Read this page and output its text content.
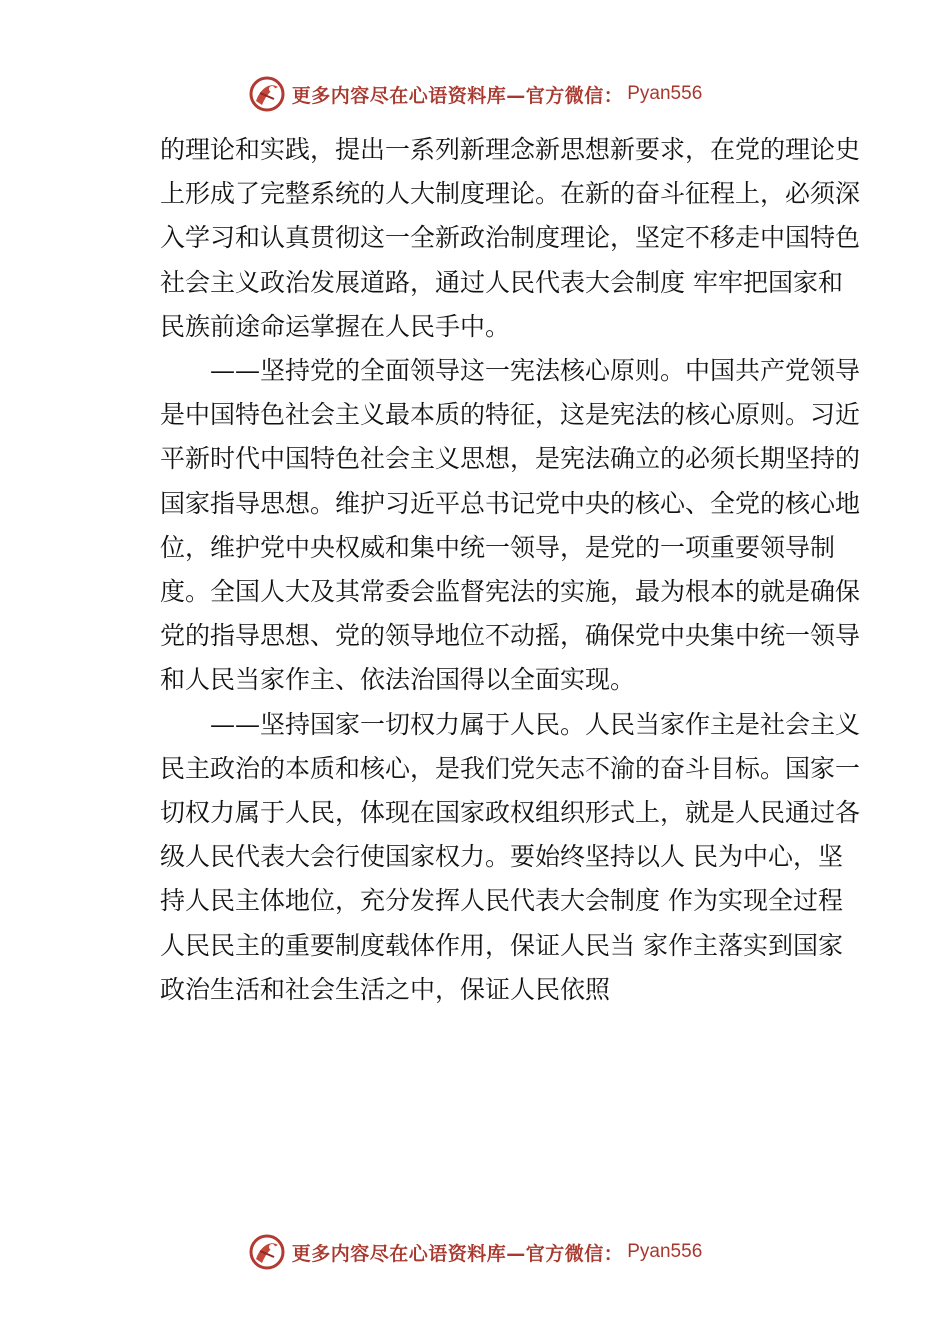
更多内容尽在心语资料库—官方微信： Pyan556

的理论和实践，提出一系列新理念新思想新要求，在党的理论史上形成了完整系统的人大制度理论。在新的奋斗征程上，必须深入学习和认真贯彻这一全新政治制度理论，坚定不移走中国特色社会主义政治发展道路，通过人民代表大会制度 牢牢把国家和民族前途命运掌握在人民手中。

——坚持党的全面领导这一宪法核心原则。中国共产党领导是中国特色社会主义最本质的特征，这是宪法的核心原则。习近平新时代中国特色社会主义思想，是宪法确立的必须长期坚持的国家指导思想。维护习近平总书记党中央的核心、全党的核心地位，维护党中央权威和集中统一领导，是党的一项重要领导制度。全国人大及其常委会监督宪法的实施，最为根本的就是确保党的指导思想、党的领导地位不动摇，确保党中央集中统一领导和人民当家作主、依法治国得以全面实现。

——坚持国家一切权力属于人民。人民当家作主是社会主义民主政治的本质和核心，是我们党矢志不渝的奋斗目标。国家一切权力属于人民，体现在国家政权组织形式上，就是人民通过各级人民代表大会行使国家权力。要始终坚持以人 民为中心，坚持人民主体地位，充分发挥人民代表大会制度 作为实现全过程人民民主的重要制度载体作用，保证人民当 家作主落实到国家政治生活和社会生活之中，保证人民依照

更多内容尽在心语资料库—官方微信： Pyan556
